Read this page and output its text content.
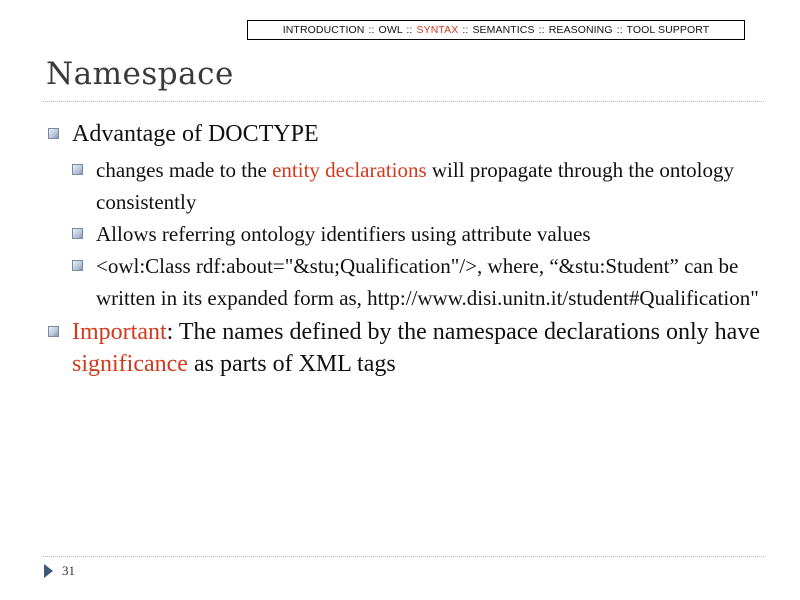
INTRODUCTION :: OWL :: SYNTAX :: SEMANTICS :: REASONING :: TOOL SUPPORT
Namespace
Advantage of DOCTYPE
changes made to the entity declarations will propagate through the ontology consistently
Allows referring ontology identifiers using attribute values
<owl:Class rdf:about="&stu;Qualification"/>, where, “&stu:Student” can be written in its expanded form as, http://www.disi.unitn.it/student#Qualification"
Important: The names defined by the namespace declarations only have significance as parts of XML tags
31
